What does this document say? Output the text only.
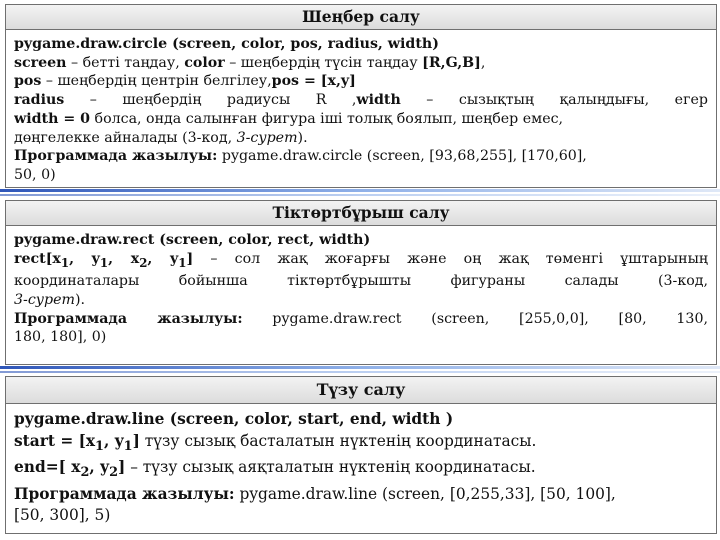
Шеңбер салу
pygame.draw.circle (screen, color, pos, radius, width)
screen – бетті таңдау, color – шеңбердің түсін таңдау [R,G,B],
pos – шеңбердің центрін белгілеу,pos = [x,y]
radius – шеңбердің радиусы R ,width – сызықтың қалыңдығы, егер
width = 0 болса, онда салынған фигура іші толық боялып, шеңбер емес,
дөңгелекке айналады (3-код, 3-сурет).
Программада жазылуы: pygame.draw.circle (screen, [93,68,255], [170,60],
50, 0)
Тіктөртбұрыш салу
pygame.draw.rect (screen, color, rect, width)
$rect[x_1$, $y_1$, $x_2$, $y_1$] – сол жақ жоғарғы және оң жақ төменгі ұштарының
координаталары бойынша тіктөртбұрышты фигураны салады (3-код,
3-сурет).
Программада жазылуы: pygame.draw.rect (screen, [255,0,0], [80, 130,
180, 180], 0)
Түзу салу
pygame.draw.line (screen, color, start, end, width )
start = [$x_1$, $y_1$] түзу сызық басталатын нүктенің координатасы.
end=[ $x_2$, $y_2$] – түзу сызық аяқталатын нүктенің координатасы.
Программада жазылуы: pygame.draw.line (screen, [0,255,33], [50, 100],
[50, 300], 5)
